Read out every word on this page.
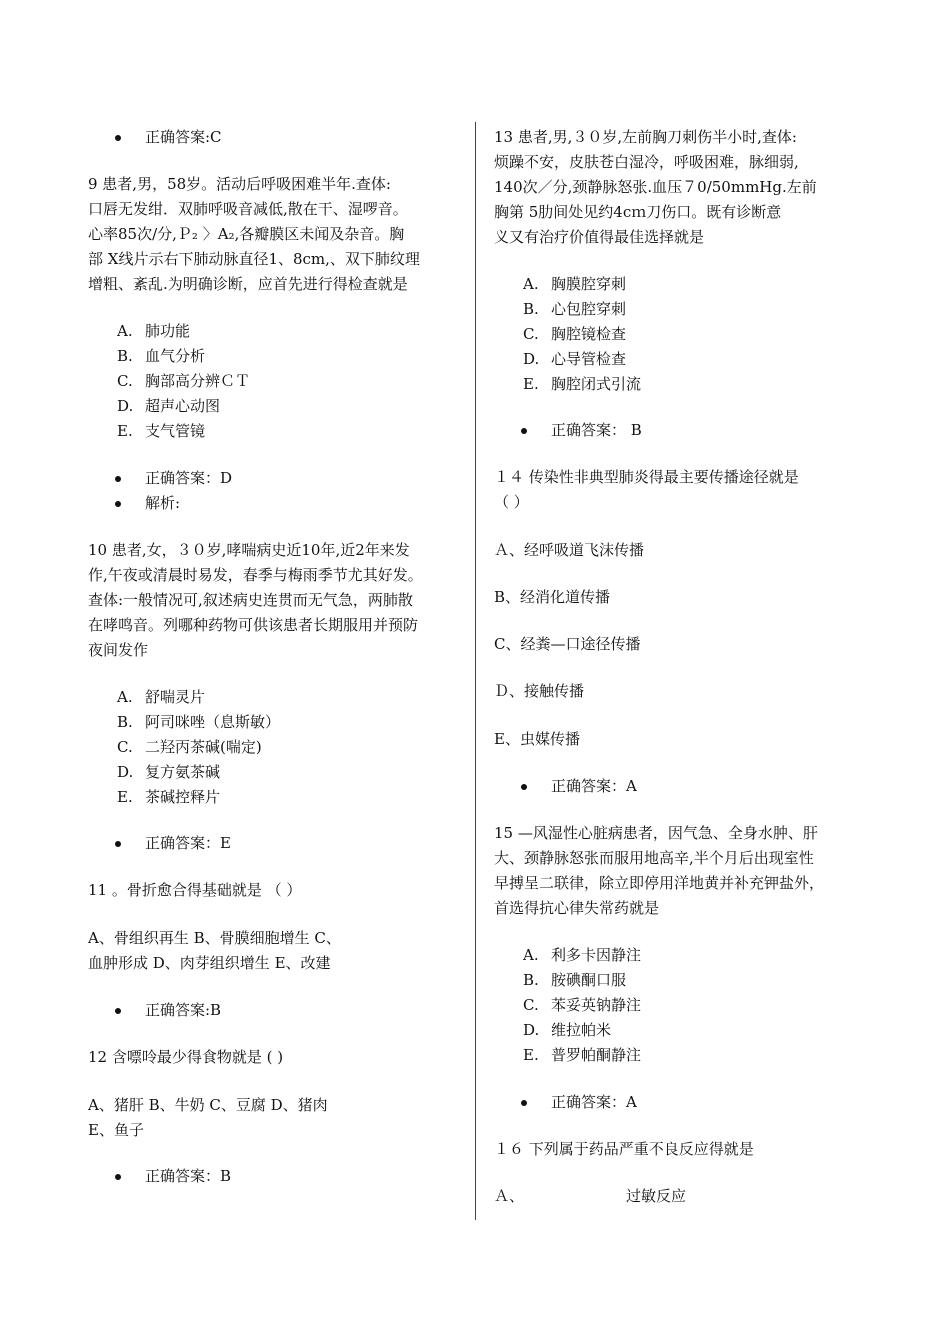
正确答案:C
9 患者,男，58岁。活动后呼吸困难半年.查体:
口唇无发绀．双肺呼吸音减低,散在干、湿啰音。
心率85次/分,Ｐ₂ 〉A₂,各瓣膜区未闻及杂音。胸
部 X线片示右下肺动脉直径1、8cm,、双下肺纹理
增粗、紊乱.为明确诊断，应首先进行得检查就是
A. 肺功能
B. 血气分析
C. 胸部高分辨ＣＴ
D. 超声心动图
E. 支气管镜
正确答案：D
解析:
10 患者,女，３０岁,哮喘病史近10年,近2年来发
作,午夜或清晨时易发，春季与梅雨季节尤其好发。
查体:一般情况可,叙述病史连贯而无气急，两肺散
在哮鸣音。列哪种药物可供该患者长期服用并预防
夜间发作
A. 舒喘灵片
B. 阿司咪唑（息斯敏）
C. 二羟丙茶碱(喘定)
D. 复方氨茶碱
E. 茶碱控释片
正确答案：E
11 。骨折愈合得基础就是 （ ）
A、骨组织再生 B、骨膜细胞增生 C、
血肿形成 D、肉芽组织增生 E、改建
正确答案:B
12 含嘌呤最少得食物就是 ( )
A、猪肝 B、牛奶 C、豆腐 D、猪肉
E、鱼子
正确答案：B
13 患者,男,３０岁,左前胸刀刺伤半小时,查体:
烦躁不安，皮肤苍白湿冷，呼吸困难，脉细弱,
140次／分,颈静脉怒张.血压７0/50mmHg.左前
胸第 5肋间处见约4cｍ刀伤口。既有诊断意
义又有治疗价值得最佳选择就是
A. 胸膜腔穿刺
B. 心包腔穿刺
C. 胸腔镜检查
D. 心导管检查
E. 胸腔闭式引流
正确答案： B
１４ 传染性非典型肺炎得最主要传播途径就是
（ ）
Ａ、经呼吸道飞沫传播
B、经消化道传播
C、经粪—口途径传播
Ｄ、接触传播
E、虫媒传播
正确答案：A
15 —风湿性心脏病患者，因气急、全身水肿、肝
大、颈静脉怒张而服用地高辛,半个月后出现室性
早搏呈二联律，除立即停用洋地黄并补充钾盐外，
首选得抗心律失常药就是
A. 利多卡因静注
B. 胺碘酮口服
C. 苯妥英钠静注
D. 维拉帕米
E. 普罗帕酮静注
正确答案：A
１６ 下列属于药品严重不良反应得就是
Ａ、	过敏反应
